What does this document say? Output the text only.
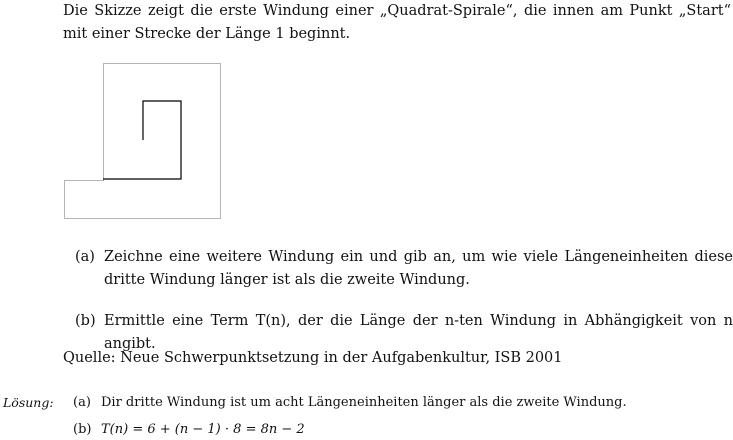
Die Skizze zeigt die erste Windung einer „Quadrat-Spirale“, die innen am Punkt „Start“ mit einer Strecke der Länge 1 beginnt.

(a) Zeichne eine weitere Windung ein und gib an, um wie viele Längeneinheiten diese dritte Windung länger ist als die zweite Windung.
(b) Ermittle eine Term T(n), der die Länge der n-ten Windung in Abhängigkeit von n angibt.
Quelle: Neue Schwerpunktsetzung in der Aufgabenkultur, ISB 2001
Lösung: (a) Dir dritte Windung ist um acht Längeneinheiten länger als die zweite Windung.
(b) T(n) = 6 + (n − 1) · 8 = 8n − 2
